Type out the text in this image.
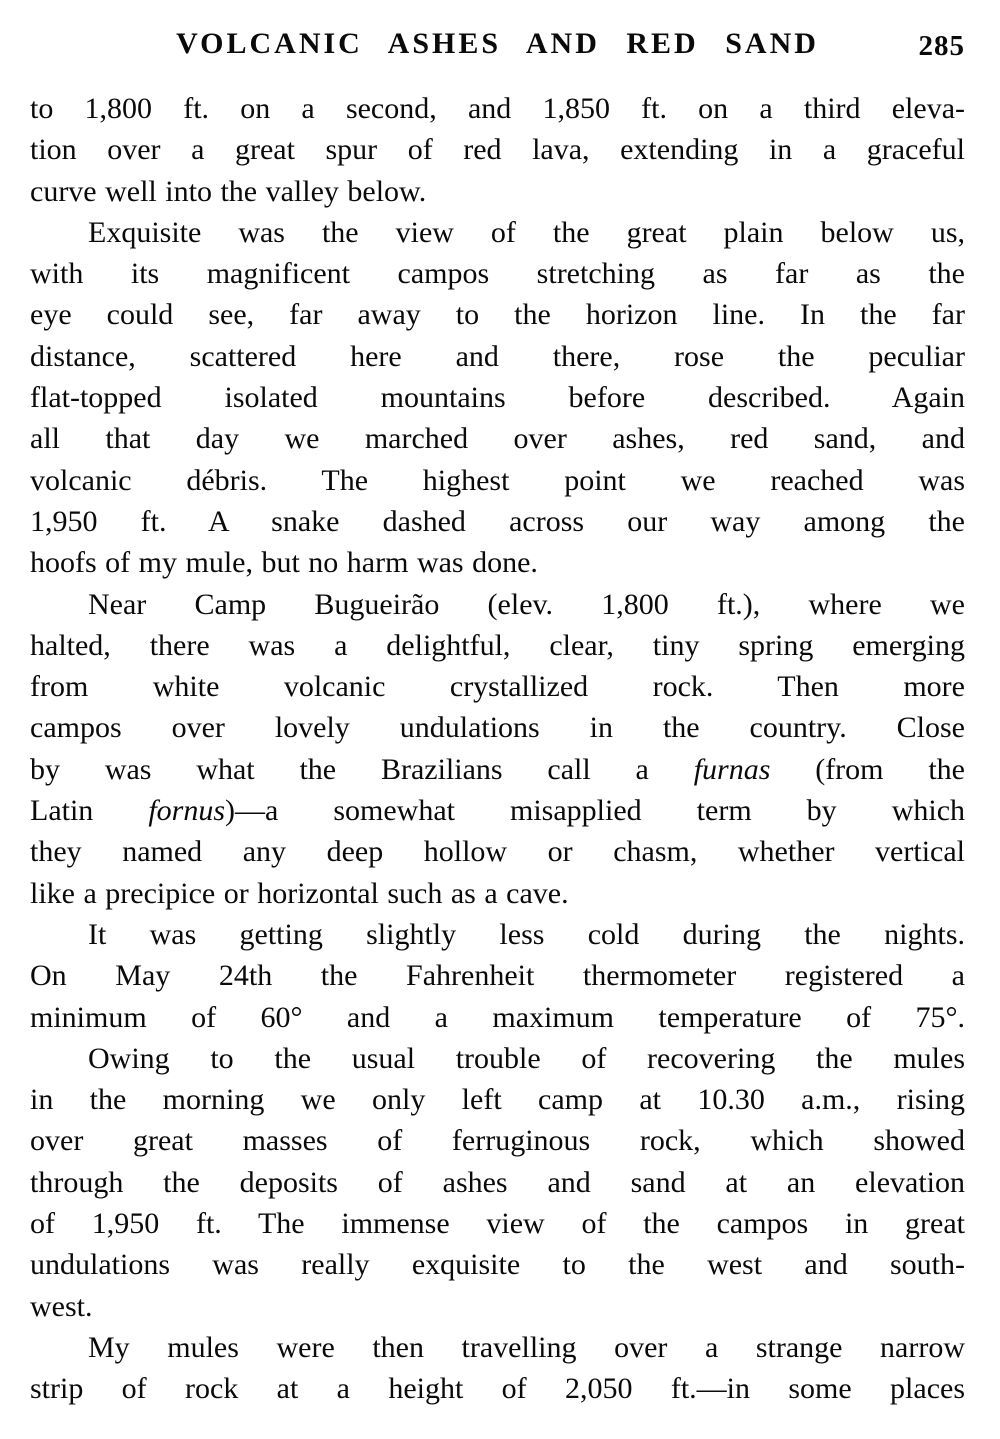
VOLCANIC ASHES AND RED SAND	285

to 1,800 ft. on a second, and 1,850 ft. on a third eleva-
tion over a great spur of red lava, extending in a graceful
curve well into the valley below.

Exquisite was the view of the great plain below us,
with its magnificent campos stretching as far as the
eye could see, far away to the horizon line. In the far
distance, scattered here and there, rose the peculiar
flat-topped isolated mountains before described. Again
all that day we marched over ashes, red sand, and
volcanic débris. The highest point we reached was
1,950 ft. A snake dashed across our way among the
hoofs of my mule, but no harm was done.

Near Camp Bugueirão (elev. 1,800 ft.), where we
halted, there was a delightful, clear, tiny spring emerging
from white volcanic crystallized rock. Then more
campos over lovely undulations in the country. Close
by was what the Brazilians call a furnas (from the
Latin fornus)—a somewhat misapplied term by which
they named any deep hollow or chasm, whether vertical
like a precipice or horizontal such as a cave.

It was getting slightly less cold during the nights.
On May 24th the Fahrenheit thermometer registered a
minimum of 60° and a maximum temperature of 75°.

Owing to the usual trouble of recovering the mules
in the morning we only left camp at 10.30 a.m., rising
over great masses of ferruginous rock, which showed
through the deposits of ashes and sand at an elevation
of 1,950 ft. The immense view of the campos in great
undulations was really exquisite to the west and south-
west.

My mules were then travelling over a strange narrow
strip of rock at a height of 2,050 ft.—in some places
